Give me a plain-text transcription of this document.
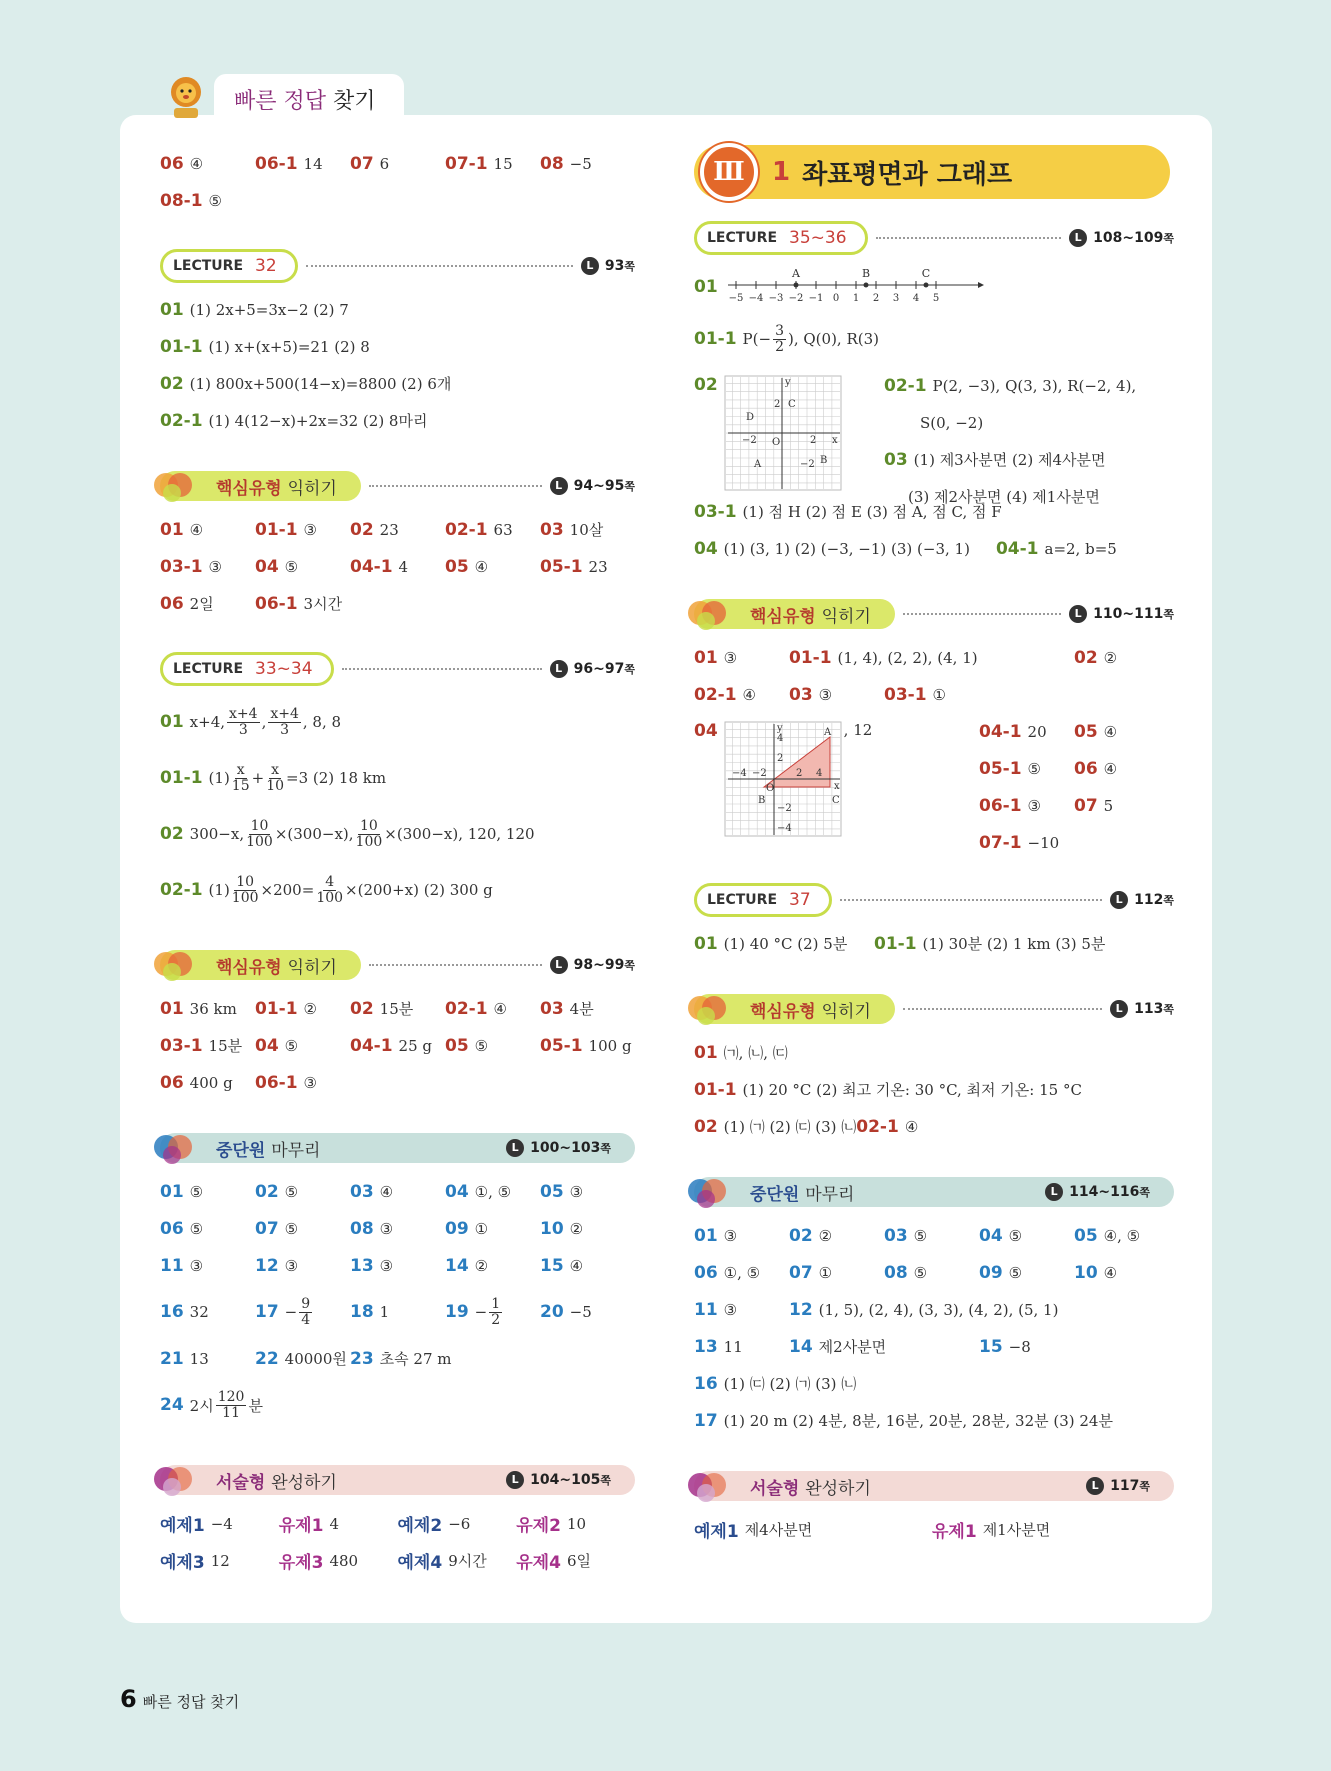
빠른 정답 찾기
06 ④	06-1 14 07 6	07-1 15 08 −5
08-1 ⑤
LECTURE 32	L 93 쪽
01 (1) 2x+5=3x−2 (2) 7
01-1 (1) x+(x+5)=21 (2) 8
02 (1) 800x+500(14−x)=8800 (2) 6개
02-1 (1) 4(12−x)+2x=32 (2) 8마리
핵심유형
익히기	L 94~95 쪽
01 ④	01-1 ③ 02 23	02-1 63 03 10살
03-1 ③ 04 ⑤	04-1 4 05 ④	05-1 23
06 2일 06-1 3시간
LECTURE 33~34	L 96~97 쪽
01 x+4, $\frac{x+4}{3}$ , $\frac{x+4}{3}$ , 8, 8
01-1 $(1) \frac{x}{15} + \frac{x}{10} =3$ (2) 18 km
02 300−x, $\frac{10}{100} \times(300-x)$, $\frac{10}{100} \times(300-x)$, 120, 120
02-1 $(1) \frac{10}{100} \times 200= \frac{4}{100} \times(200+x)$ (2) 300 g
핵심유형
익히기	L 98~99 쪽
01 36 km 01-1 ② 02 15분 02-1 ④ 03 4분
03-1 15분 04 ⑤	04-1 25 g 05 ⑤	05-1 100 g
06 400 g 06-1 ③
중단원 마무리	L 100~103 쪽
01 ⑤	02 ⑤	03 ④	04 ①, ⑤ 05 ③
06 ⑤	07 ⑤	08 ③	09 ①	10 ②
11 ③	12 ③	13 ③	14 ②	15 ④
16 32	$17 - \frac{9}{4} 18$ 1	$19 - \frac{1}{2} 20 -5$
21 13	22 40000원 23 초속 27 m
24 2시 $\frac{120}{11}$ 분
서술형 완성하기	L 104~105 쪽
예제1 −4	유제1 4	예제2 −6	유제2 10
예제3 12	유제3 480 예제4 9시간 유제4 6일
Ⅲ	1 좌표평면과 그래프
LECTURE 35~36	L 108~109 쪽
01
−5 −4 −3 −2 −1 0 1 2 3 4 5
A	B	C
01-1 $P(- \frac{3}{2}$ ), Q(0), R(3)
02	y
2 C
D
−2 O	2 x
A	−2 B
02-1 P(2, −3), Q(3, 3), R(−2, 4),
S(0, −2)
03 (1) 제3사분면 (2) 제4사분면
(3) 제2사분면 (4) 제1사분면
03-1 (1) 점 H (2) 점 E (3) 점 A, 점 C, 점 F
04 (1) (3, 1) (2) (−3, −1) (3) (−3, 1) 04-1 a=2, b=5
핵심유형
익히기	L 110~111 쪽
01 ③	01-1 (1, 4), (2, 2), (4, 1)	02 ②
02-1 ④ 03 ③	03-1 ①
04	y
4
A
2
−4 −2
O
2 4
x
B	C
−2
−4
, 12	04-1 20 05 ④
05-1 ⑤ 06 ④
06-1 ③ 07 5
07-1 −10
LECTURE 37	L 112 쪽
01 (1) 40 °C (2) 5분 01-1 (1) 30분 (2) 1 km (3) 5분
핵심유형
익히기	L 113 쪽
01 ㈀, ㈁, ㈂
01-1 (1) 20 °C (2) 최고 기온: 30 °C, 최저 기온: 15 °C
02 (1) ㈀ (2) ㈂ (3) ㈁ 02-1 ④
중단원 마무리	L 114~116 쪽
01 ③	02 ②	03 ⑤	04 ⑤	05 ④, ⑤
06 ①, ⑤ 07 ①	08 ⑤	09 ⑤	10 ④
11 ③	12 (1, 5), (2, 4), (3, 3), (4, 2), (5, 1)
13 11	14 제2사분면	15 −8
16 (1) ㈂ (2) ㈀ (3) ㈁
17 (1) 20 m (2) 4분, 8분, 16분, 20분, 28분, 32분 (3) 24분
서술형 완성하기	L 117 쪽
예제1 제4사분면	유제1 제1사분면
6 빠른 정답 찾기
